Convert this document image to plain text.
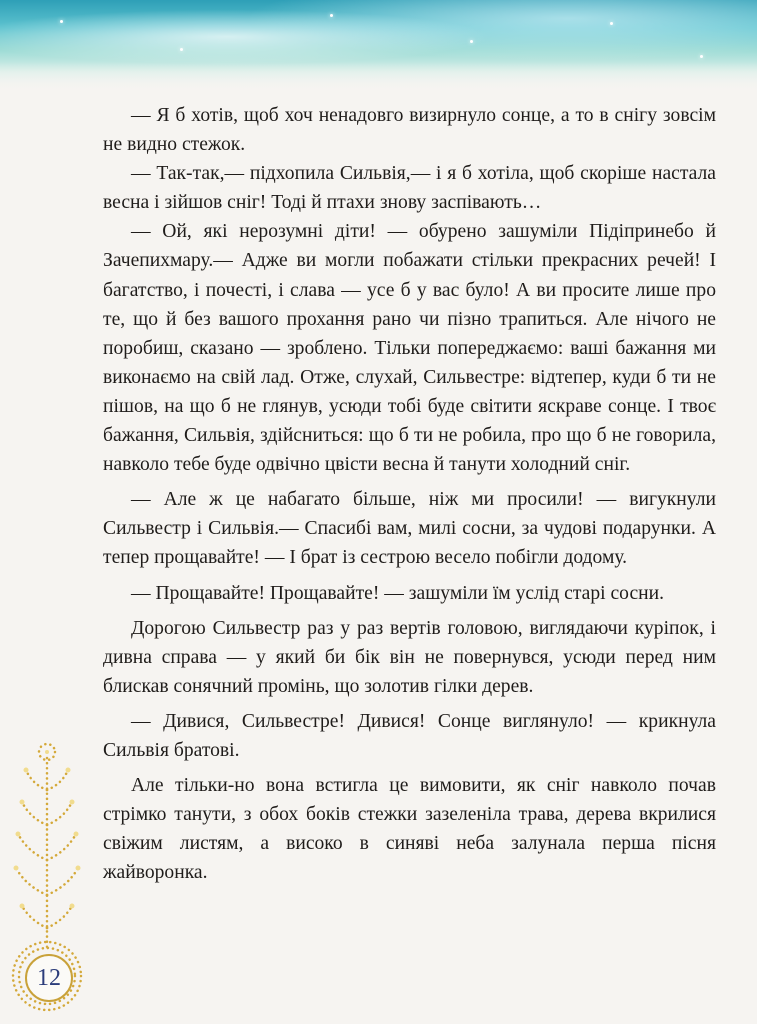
— Я б хотів, щоб хоч ненадовго визирнуло сонце, а то в снігу зовсім не видно стежок.

— Так-так,— підхопила Сильвія,— і я б хотіла, щоб скоріше настала весна і зійшов сніг! Тоді й птахи знову заспівають…

— Ой, які нерозумні діти! — обурено зашуміли Підіпринебо й Зачепихмару.— Адже ви могли побажати стільки прекрасних речей! І багатство, і почесті, і слава — усе б у вас було! А ви просите лише про те, що й без вашого прохання рано чи пізно трапиться. Але нічого не поробиш, сказано — зроблено. Тільки попереджаємо: ваші бажання ми виконаємо на свій лад. Отже, слухай, Сильвестре: відтепер, куди б ти не пішов, на що б не глянув, усюди тобі буде світити яскраве сонце. І твоє бажання, Сильвія, здійсниться: що б ти не робила, про що б не говорила, навколо тебе буде одвічно цвісти весна й танути холодний сніг.

— Але ж це набагато більше, ніж ми просили! — вигукнули Сильвестр і Сильвія.— Спасибі вам, милі сосни, за чудові подарунки. А тепер прощавайте! — І брат із сестрою весело побігли додому.

— Прощавайте! Прощавайте! — зашуміли їм услід старі сосни.

Дорогою Сильвестр раз у раз вертів головою, виглядаючи куріпок, і дивна справа — у який би бік він не повернувся, усюди перед ним блискав сонячний промінь, що золотив гілки дерев.

— Дивися, Сильвестре! Дивися! Сонце виглянуло! — крикнула Сильвія братові.

Але тільки-но вона встигла це вимовити, як сніг навколо почав стрімко танути, з обох боків стежки зазеленіла трава, дерева вкрилися свіжим листям, а високо в синяві неба залунала перша пісня жайворонка.

12
